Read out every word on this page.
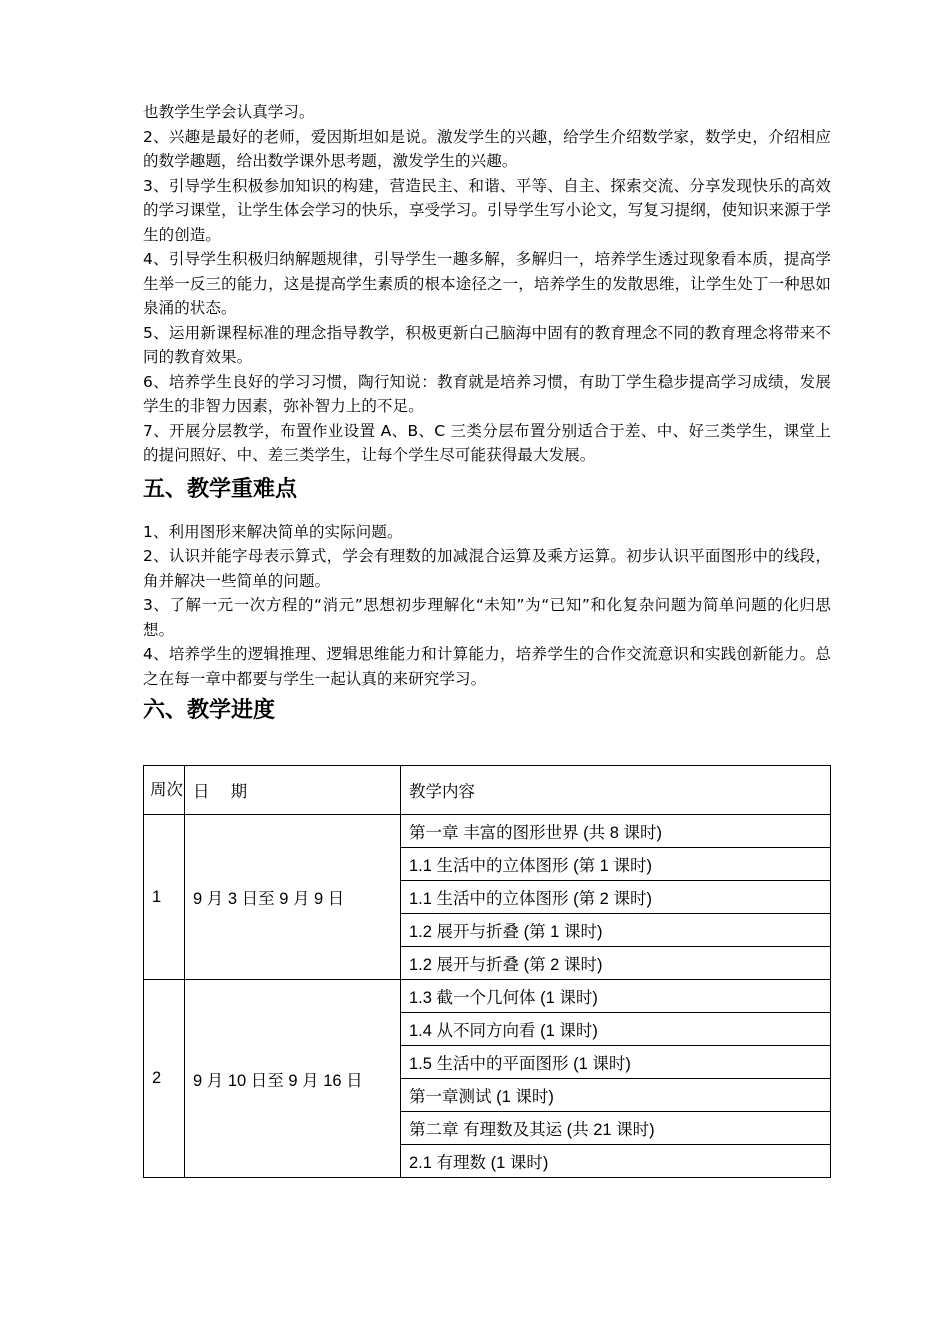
也教学生学会认真学习。

2、兴趣是最好的老师，爱因斯坦如是说。激发学生的兴趣，给学生介绍数学家，数学史，介绍相应的数学趣题，给出数学课外思考题，激发学生的兴趣。

3、引导学生积极参加知识的构建，营造民主、和谐、平等、自主、探索交流、分享发现快乐的高效的学习课堂，让学生体会学习的快乐，享受学习。引导学生写小论文，写复习提纲，使知识来源于学生的创造。

4、引导学生积极归纳解题规律，引导学生一趣多解，多解归一，培养学生透过现象看本质，提高学生举一反三的能力，这是提高学生素质的根本途径之一，培养学生的发散思维，让学生处丁一种思如泉涌的状态。

5、运用新课程标准的理念指导教学，积极更新白己脑海中固有的教育理念不同的教育理念将带来不同的教育效果。

6、培养学生良好的学习习惯，陶行知说：教育就是培养习惯，有助丁学生稳步提高学习成绩，发展学生的非智力因素，弥补智力上的不足。

7、开展分层教学，布置作业设置 A、B、C 三类分层布置分别适合于差、中、好三类学生，课堂上的提问照好、中、差三类学生，让每个学生尽可能获得最大发展。

五、教学重难点

1、利用图形来解决简单的实际问题。

2、认识并能字母表示算式，学会有理数的加减混合运算及乘方运算。初步认识平面图形中的线段，角并解决一些简单的问题。

3、了解一元一次方程的“消元”思想初步理解化“未知”为“已知”和化复杂问题为简单问题的化归思想。

4、培养学生的逻辑推理、逻辑思维能力和计算能力，培养学生的合作交流意识和实践创新能力。总之在每一章中都要与学生一起认真的来研究学习。

六、教学进度
周次	日　 期	教学内容
1	9 月 3 日至 9 月 9 日	第一章 丰富的图形世界 (共 8 课时)
		1.1 生活中的立体图形 (第 1 课时)
		1.1 生活中的立体图形 (第 2 课时)
		1.2 展开与折叠 (第 1 课时)
		1.2 展开与折叠 (第 2 课时)
2	9 月 10 日至 9 月 16 日	1.3 截一个几何体 (1 课时)
		1.4 从不同方向看 (1 课时)
		1.5 生活中的平面图形 (1 课时)
		第一章测试 (1 课时)
		第二章 有理数及其运 (共 21 课时)
		2.1 有理数 (1 课时)
